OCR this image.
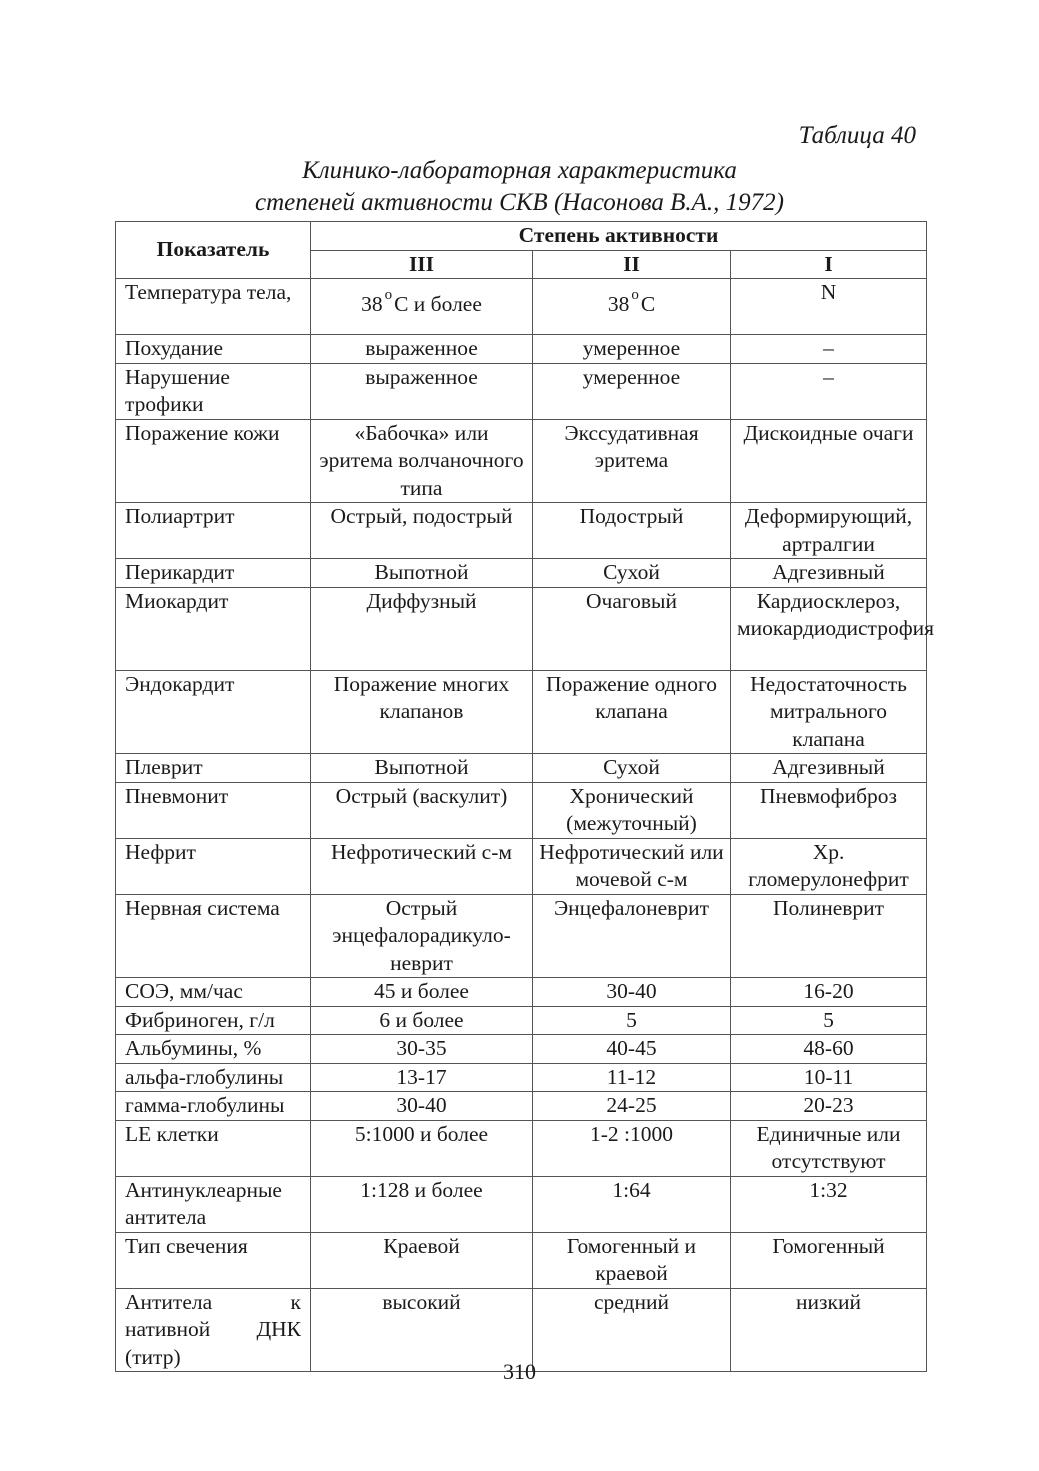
Таблица 40
Клинико-лабораторная характеристика
степеней активности СКВ (Насонова В.А., 1972)
Показатель	Степень активности		
	III	II	I
Температура тела,	38 $^о$С и более	38 $^о$С	N
Похудание	выраженное	умеренное	–
Нарушение трофики	выраженное	умеренное	–
Поражение кожи	«Бабочка» или эритема волчаночного типа	Экссудативная эритема	Дискоидные очаги
Полиартрит	Острый, подострый	Подострый	Деформирующий, артралгии
Перикардит	Выпотной	Сухой	Адгезивный
Миокардит	Диффузный	Очаговый	Кардиосклероз, миокардиодистрофия
Эндокардит	Поражение многих клапанов	Поражение одного клапана	Недостаточность митрального клапана
Плеврит	Выпотной	Сухой	Адгезивный
Пневмонит	Острый (васкулит)	Хронический (межуточный)	Пневмофиброз
Нефрит	Нефротический с-м	Нефротический или мочевой с-м	Хр. гломерулонефрит
Нервная система	Острый энцефалорадикуло-неврит	Энцефалоневрит	Полиневрит
СОЭ, мм/час	45 и более	30-40	16-20
Фибриноген, г/л	6 и более	5	5
Альбумины, %	30-35	40-45	48-60
альфа-глобулины	13-17	11-12	10-11
гамма-глобулины	30-40	24-25	20-23
LE клетки	5:1000 и более	1-2 :1000	Единичные или отсутствуют
Антинуклеарные антитела	1:128 и более	1:64	1:32
Тип свечения	Краевой	Гомогенный и краевой	Гомогенный
Антитела к нативной ДНК (титр)	высокий	средний	низкий
310
